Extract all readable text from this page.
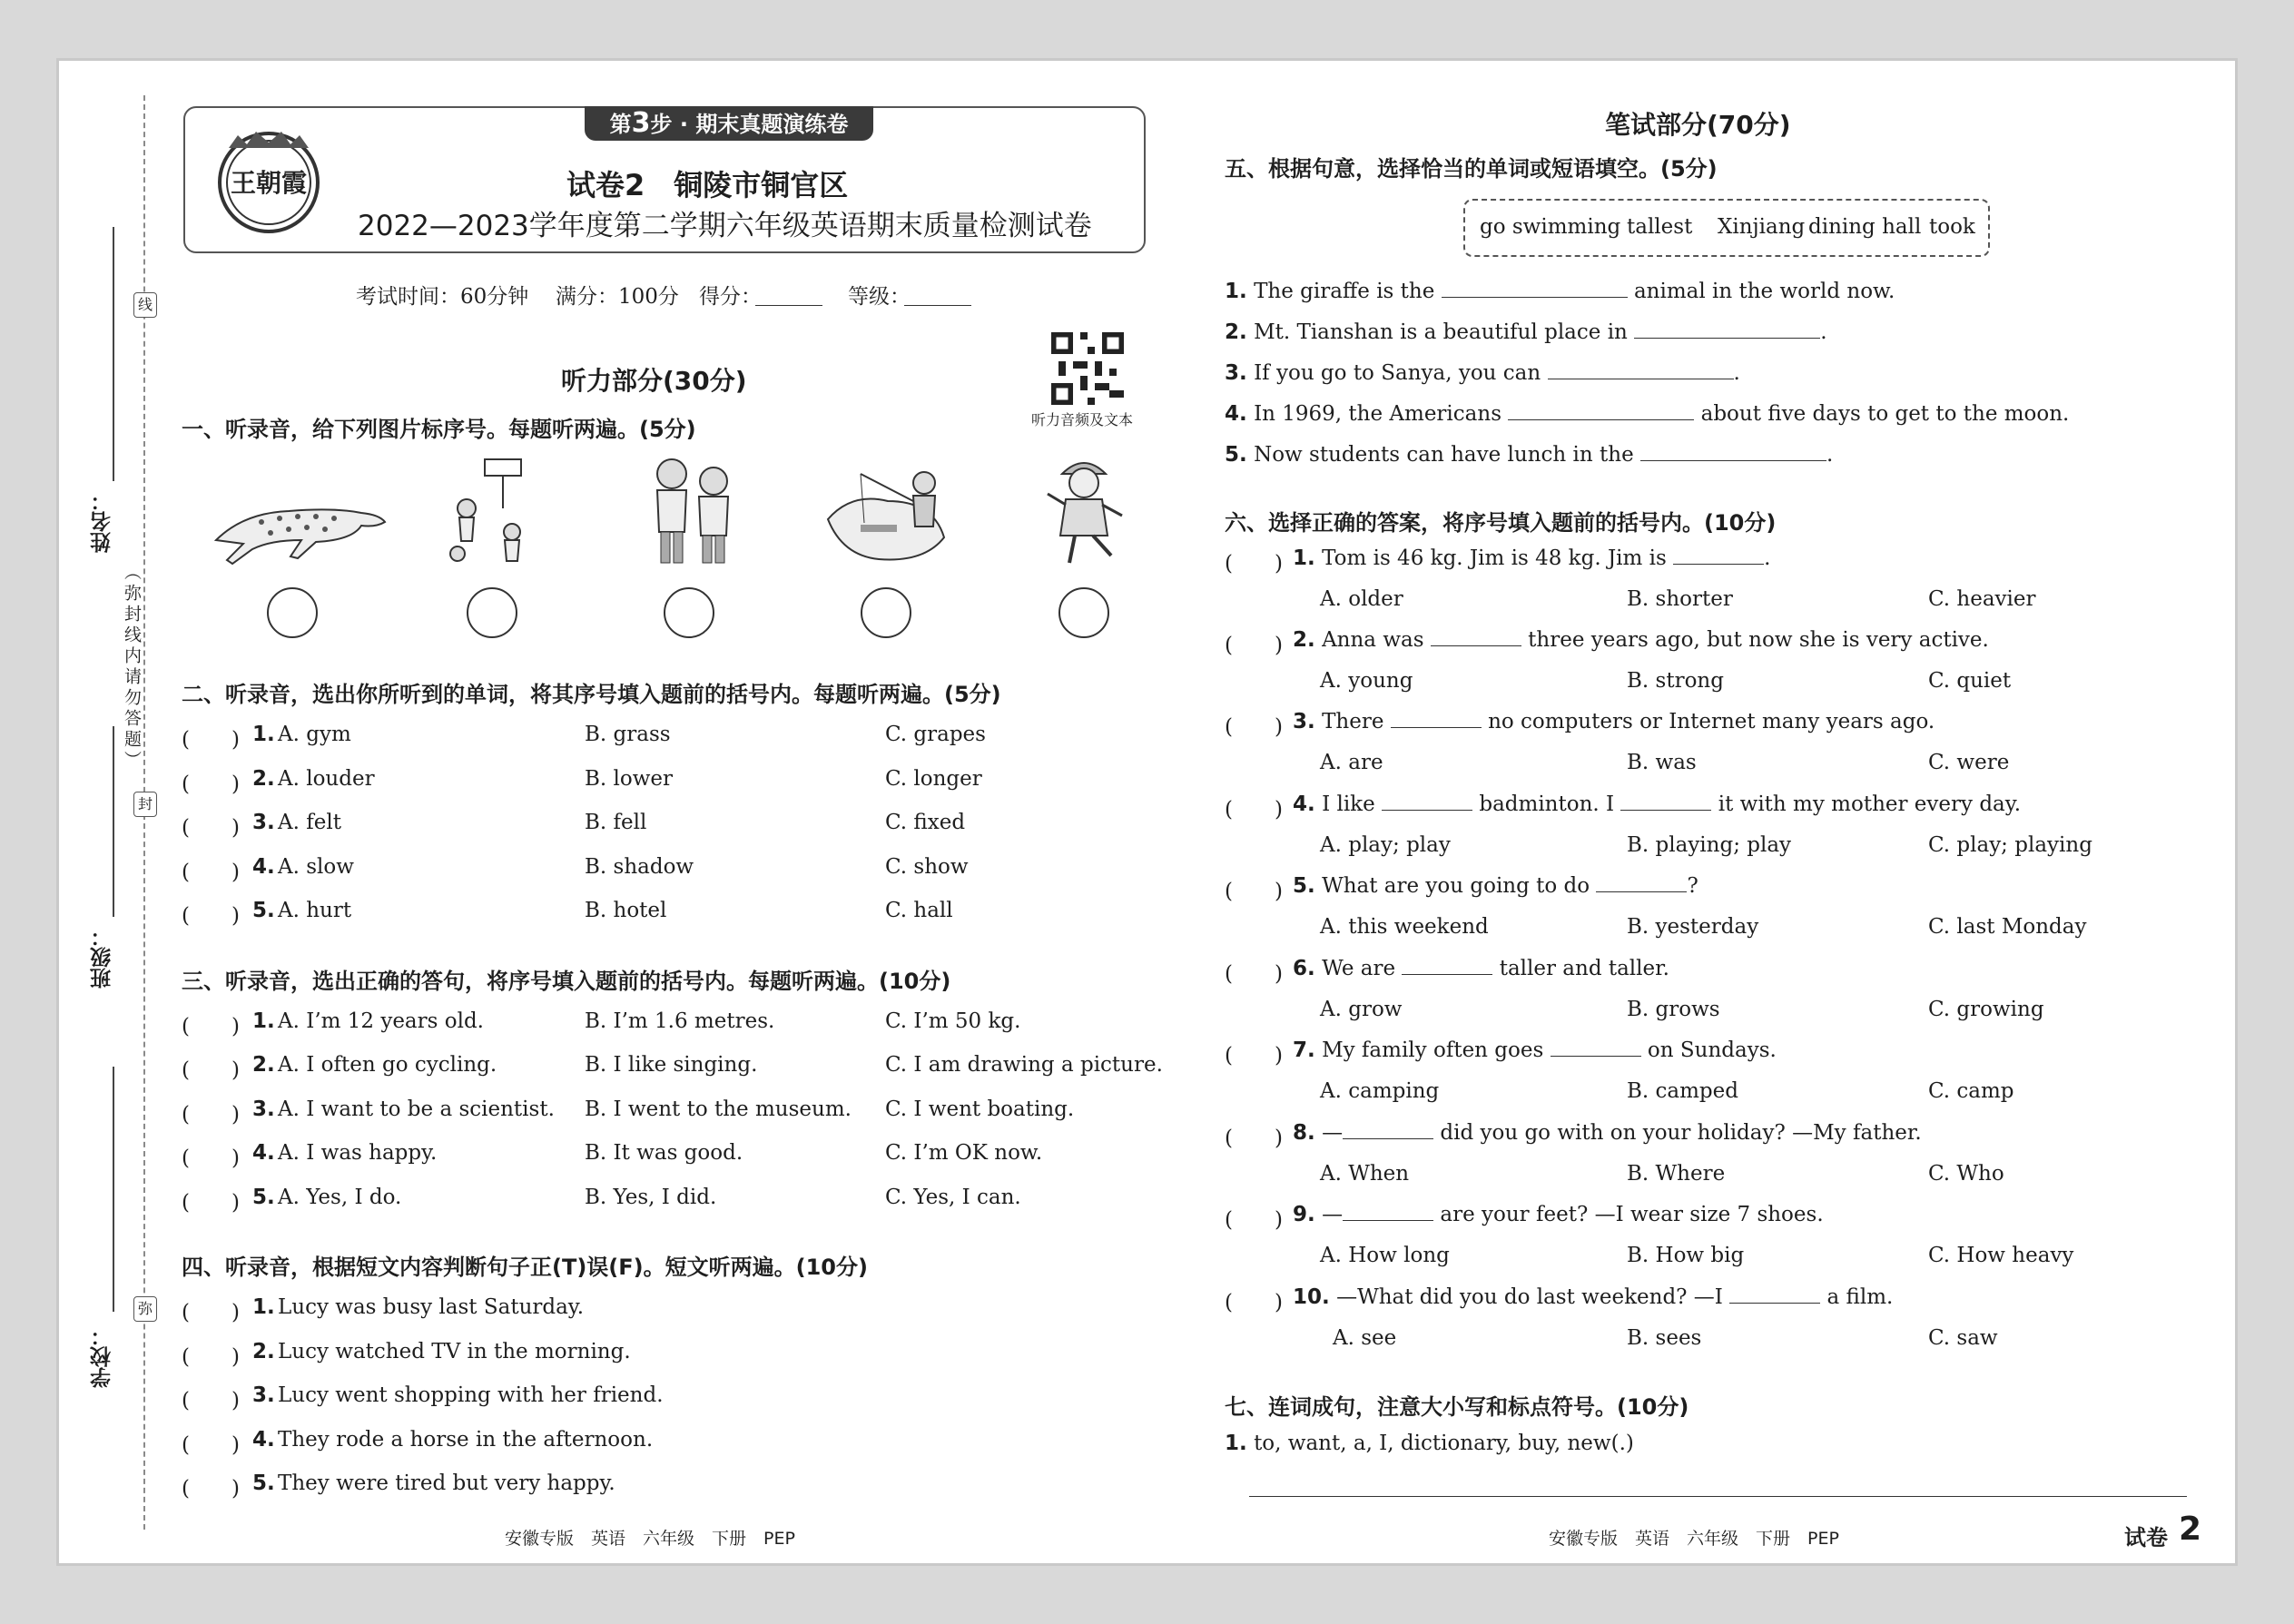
学校：
班级：
姓名：
（弥封线内请勿答题）
线
封
弥
第3步 · 期末真题演练卷
王朝霞	试卷2　铜陵市铜官区
2022—2023学年度第二学期六年级英语期末质量检测试卷
考试时间：60分钟 满分：100分 得分：	等级：
听力音频及文本
听力部分(30分)
一、听录音，给下列图片标序号。每题听两遍。(5分)
二、听录音，选出你所听到的单词，将其序号填入题前的括号内。每题听两遍。(5分)
(　　) 1. A. gym	B. grass	C. grapes
(　　) 2. A. louder	B. lower	C. longer
(　　) 3. A. felt	B. fell	C. fixed
(　　) 4. A. slow	B. shadow	C. show
(　　) 5. A. hurt	B. hotel	C. hall
三、听录音，选出正确的答句，将序号填入题前的括号内。每题听两遍。(10分)
(　　) 1. A. I’m 12 years old.	B. I’m 1.6 metres.	C. I’m 50 kg.
(　　) 2. A. I often go cycling.	B. I like singing.	C. I am drawing a picture.
(　　) 3. A. I want to be a scientist. B. I went to the museum. C. I went boating.
(　　) 4. A. I was happy.	B. It was good.	C. I’m OK now.
(　　) 5. A. Yes, I do.	B. Yes, I did.	C. Yes, I can.
四、听录音，根据短文内容判断句子正(T)误(F)。短文听两遍。(10分)
(　　) 1. Lucy was busy last Saturday.
(　　) 2. Lucy watched TV in the morning.
(　　) 3. Lucy went shopping with her friend.
(　　) 4. They rode a horse in the afternoon.
(　　) 5. They were tired but very happy.
安徽专版　英语　六年级　下册　PEP
笔试部分(70分)
五、根据句意，选择恰当的单词或短语填空。(5分)
go swimming tallest Xinjiang dining hall took
1. The giraffe is the	animal in the world now.
2. Mt. Tianshan is a beautiful place in	.
3. If you go to Sanya, you can	.
4. In 1969, the Americans	about five days to get to the moon.
5. Now students can have lunch in the	.
六、选择正确的答案，将序号填入题前的括号内。(10分)
(　　) 1. Tom is 46 kg. Jim is 48 kg. Jim is	.
A. older	B. shorter	C. heavier
(　　) 2. Anna was	three years ago, but now she is very active.
A. young	B. strong	C. quiet
(　　) 3. There	no computers or Internet many years ago.
A. are	B. was	C. were
(　　) 4. I like	badminton. I	it with my mother every day.
A. play; play	B. playing; play	C. play; playing
(　　) 5. What are you going to do	?
A. this weekend	B. yesterday	C. last Monday
(　　) 6. We are	taller and taller.
A. grow	B. grows	C. growing
(　　) 7. My family often goes	on Sundays.
A. camping	B. camped	C. camp
(　　) 8. —	did you go with on your holiday? —My father.
A. When	B. Where	C. Who
(　　) 9. —	are your feet? —I wear size 7 shoes.
A. How long	B. How big	C. How heavy
(　　) 10. —What did you do last weekend? —I	a film.
A. see	B. sees	C. saw
七、连词成句，注意大小写和标点符号。(10分)
1. to, want, a, I, dictionary, buy, new(.)
安徽专版　英语　六年级　下册　PEP	试卷 2
